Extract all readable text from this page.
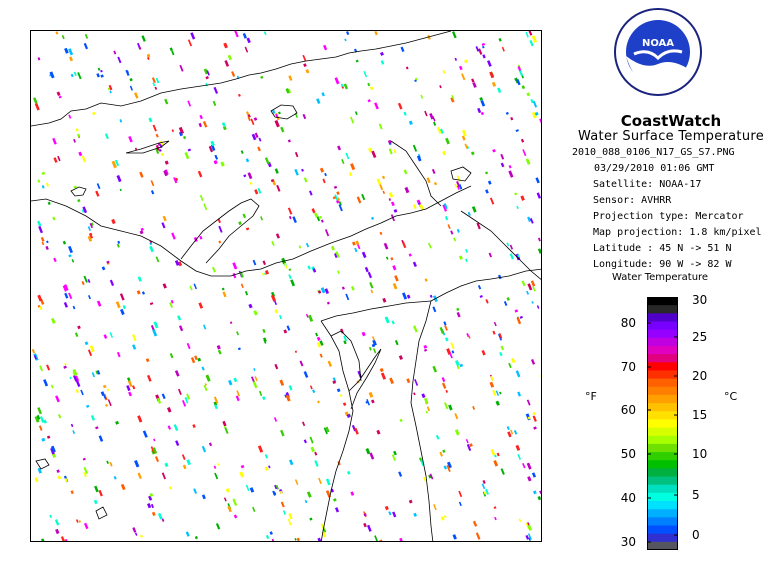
NOAA
CoastWatch
Water Surface Temperature
2010_088_0106_N17_GS_S7.PNG
03/29/2010 01:06 GMT
Satellite: NOAA-17
Sensor: AVHRR
Projection type: Mercator
Map projection: 1.8 km/pixel
Latitude : 45 N -> 51 N
Longitude: 90 W -> 82 W
Water Temperature
80
70
60
50
40
30
30
25
20
15
10
5
0
°F	°C
